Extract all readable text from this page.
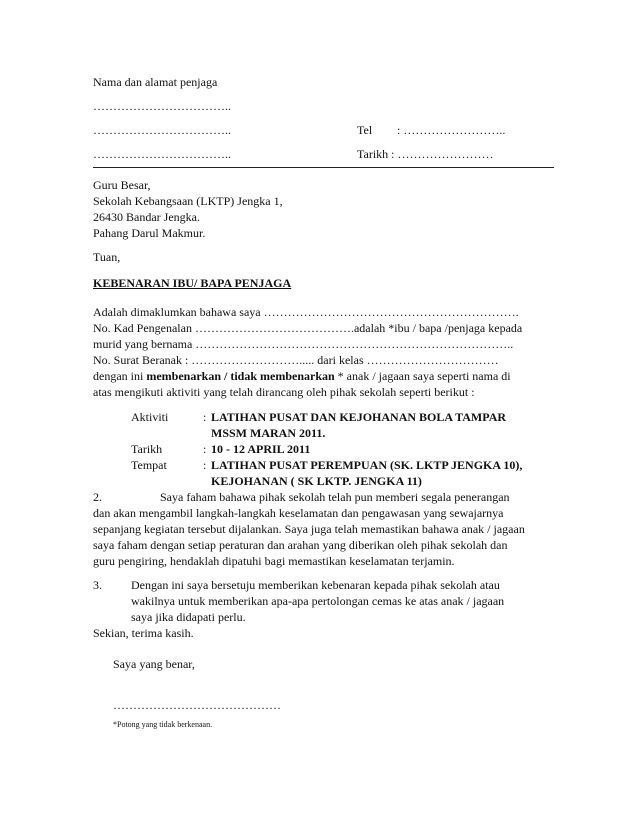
Nama dan alamat penjaga
……………………………..
……………………………..	Tel : ……………………..
……………………………..	Tarikh : ……………………
Guru Besar,
Sekolah Kebangsaan (LKTP) Jengka 1,
26430 Bandar Jengka.
Pahang Darul Makmur.
Tuan,
KEBENARAN IBU/ BAPA PENJAGA
Adalah dimaklumkan bahawa saya ……………………………………………………….
No. Kad Pengenalan ………………………………….adalah *ibu / bapa /penjaga kepada
murid yang bernama ……………………………………………………………………..
No. Surat Beranak : ………………………..... dari kelas ……………………………
dengan ini membenarkan / tidak membenarkan * anak / jagaan saya seperti nama di
atas mengikuti aktiviti yang telah dirancang oleh pihak sekolah seperti berikut :
Aktiviti	: LATIHAN PUSAT DAN KEJOHANAN BOLA TAMPAR
MSSM MARAN 2011.
Tarikh	: 10 - 12 APRIL 2011
Tempat	: LATIHAN PUSAT PEREMPUAN (SK. LKTP JENGKA 10),
KEJOHANAN ( SK LKTP. JENGKA 11)
2.	Saya faham bahawa pihak sekolah telah pun memberi segala penerangan
dan akan mengambil langkah-langkah keselamatan dan pengawasan yang sewajarnya
sepanjang kegiatan tersebut dijalankan. Saya juga telah memastikan bahawa anak / jagaan
saya faham dengan setiap peraturan dan arahan yang diberikan oleh pihak sekolah dan
guru pengiring, hendaklah dipatuhi bagi memastikan keselamatan terjamin.
3. Dengan ini saya bersetuju memberikan kebenaran kepada pihak sekolah atau
wakilnya untuk memberikan apa-apa pertolongan cemas ke atas anak / jagaan
saya jika didapati perlu.
Sekian, terima kasih.
Saya yang benar,
……………………………………
*Potong yang tidak berkenaan.
